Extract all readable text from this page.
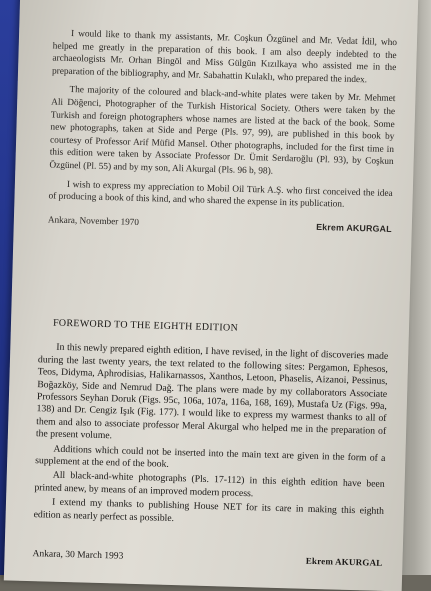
I would like to thank my assistants, Mr. Coşkun Özgünel and Mr. Vedat İdil, who helped me greatly in the preparation of this book. I am also deeply indebted to the archaeologists Mr. Orhan Bingöl and Miss Gülgün Kızılkaya who assisted me in the preparation of the bibliography, and Mr. Sabahattin Kulaklı, who prepared the index.

The majority of the coloured and black-and-white plates were taken by Mr. Mehmet Ali Döğenci, Photographer of the Turkish Historical Society. Others were taken by the Turkish and foreign photographers whose names are listed at the back of the book. Some new photographs, taken at Side and Perge (Pls. 97, 99), are published in this book by courtesy of Professor Arif Müfid Mansel. Other photographs, included for the first time in this edition were taken by Associate Professor Dr. Ümit Serdaroğlu (Pl. 93), by Coşkun Özgünel (Pl. 55) and by my son, Ali Akurgal (Pls. 96 b, 98).

I wish to express my appreciation to Mobil Oil Türk A.Ş. who first conceived the idea of producing a book of this kind, and who shared the expense in its publication.

Ankara, November 1970
Ekrem AKURGAL
FOREWORD TO THE EIGHTH EDITION

In this newly prepared eighth edition, I have revised, in the light of discoveries made during the last twenty years, the text related to the following sites: Pergamon, Ephesos, Teos, Didyma, Aphrodisias, Halikarnassos, Xanthos, Letoon, Phaselis, Aizanoi, Pessinus, Boğazköy, Side and Nemrud Dağ. The plans were made by my collaborators Associate Professors Seyhan Doruk (Figs. 95c, 106a, 107a, 116a, 168, 169), Mustafa Uz (Figs. 99a, 138) and Dr. Cengiz Işık (Fig. 177). I would like to express my warmest thanks to all of them and also to associate professor Meral Akurgal who helped me in the preparation of the present volume.

Additions which could not be inserted into the main text are given in the form of a supplement at the end of the book.

All black-and-white photographs (Pls. 17-112) in this eighth edition have been printed anew, by means of an improved modern process.

I extend my thanks to publishing House NET for its care in making this eighth edition as nearly perfect as possible.

Ankara, 30 March 1993
Ekrem AKURGAL
